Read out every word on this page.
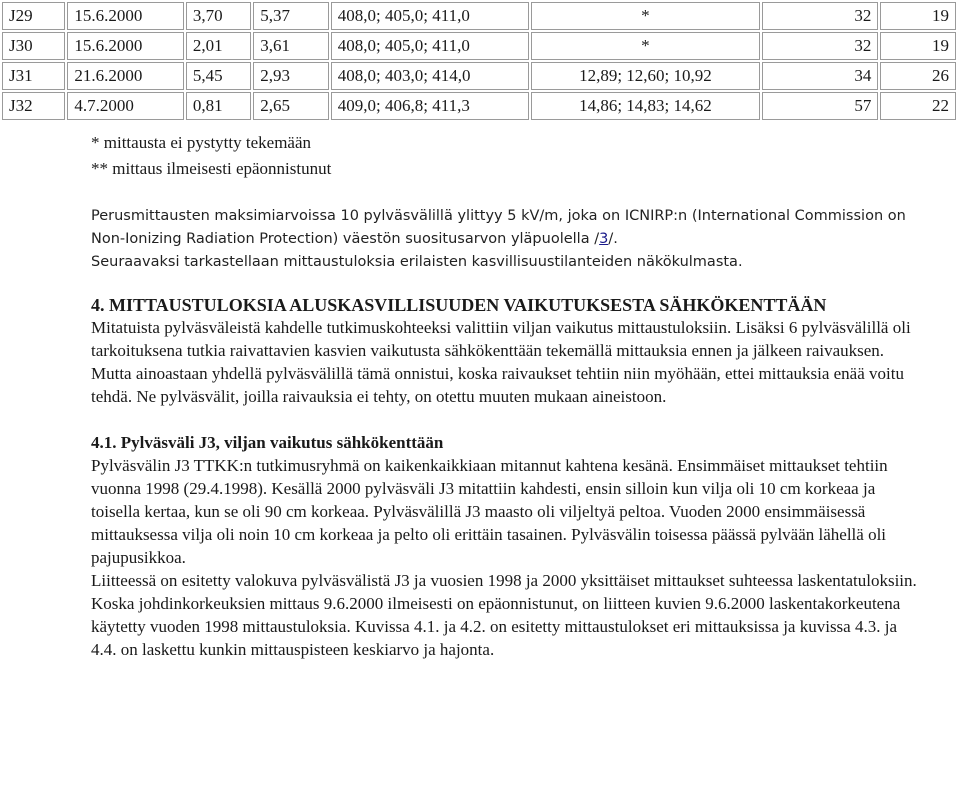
J29	15.6.2000	3,70	5,37	408,0; 405,0; 411,0	*	32	19
J30	15.6.2000	2,01	3,61	408,0; 405,0; 411,0	*	32	19
J31	21.6.2000	5,45	2,93	408,0; 403,0; 414,0	12,89; 12,60; 10,92	34	26
J32	4.7.2000	0,81	2,65	409,0; 406,8; 411,3	14,86; 14,83; 14,62	57	22
* mittausta ei pystytty tekemään
** mittaus ilmeisesti epäonnistunut

Perusmittausten maksimiarvoissa 10 pylväsvälillä ylittyy 5 kV/m, joka on ICNIRP:n (International Commission on Non-Ionizing Radiation Protection) väestön suositusarvon yläpuolella /3/.

Seuraavaksi tarkastellaan mittaustuloksia erilaisten kasvillisuustilanteiden näkökulmasta.

4. MITTAUSTULOKSIA ALUSKASVILLISUUDEN VAIKUTUKSESTA SÄHKÖKENTTÄÄN

Mitatuista pylväsväleistä kahdelle tutkimuskohteeksi valittiin viljan vaikutus mittaustuloksiin. Lisäksi 6 pylväsvälillä oli tarkoituksena tutkia raivattavien kasvien vaikutusta sähkökenttään tekemällä mittauksia ennen ja jälkeen raivauksen. Mutta ainoastaan yhdellä pylväsvälillä tämä onnistui, koska raivaukset tehtiin niin myöhään, ettei mittauksia enää voitu tehdä. Ne pylväsvälit, joilla raivauksia ei tehty, on otettu muuten mukaan aineistoon.

4.1. Pylväsväli J3, viljan vaikutus sähkökenttään

Pylväsvälin J3 TTKK:n tutkimusryhmä on kaikenkaikkiaan mitannut kahtena kesänä. Ensimmäiset mittaukset tehtiin vuonna 1998 (29.4.1998). Kesällä 2000 pylväsväli J3 mitattiin kahdesti, ensin silloin kun vilja oli 10 cm korkeaa ja toisella kertaa, kun se oli 90 cm korkeaa. Pylväsvälillä J3 maasto oli viljeltyä peltoa. Vuoden 2000 ensimmäisessä mittauksessa vilja oli noin 10 cm korkeaa ja pelto oli erittäin tasainen. Pylväsvälin toisessa päässä pylvään lähellä oli pajupusikkoa.

Liitteessä on esitetty valokuva pylväsvälistä J3 ja vuosien 1998 ja 2000 yksittäiset mittaukset suhteessa laskentatuloksiin. Koska johdinkorkeuksien mittaus 9.6.2000 ilmeisesti on epäonnistunut, on liitteen kuvien 9.6.2000 laskentakorkeutena käytetty vuoden 1998 mittaustuloksia. Kuvissa 4.1. ja 4.2. on esitetty mittaustulokset eri mittauksissa ja kuvissa 4.3. ja 4.4. on laskettu kunkin mittauspisteen keskiarvo ja hajonta.
